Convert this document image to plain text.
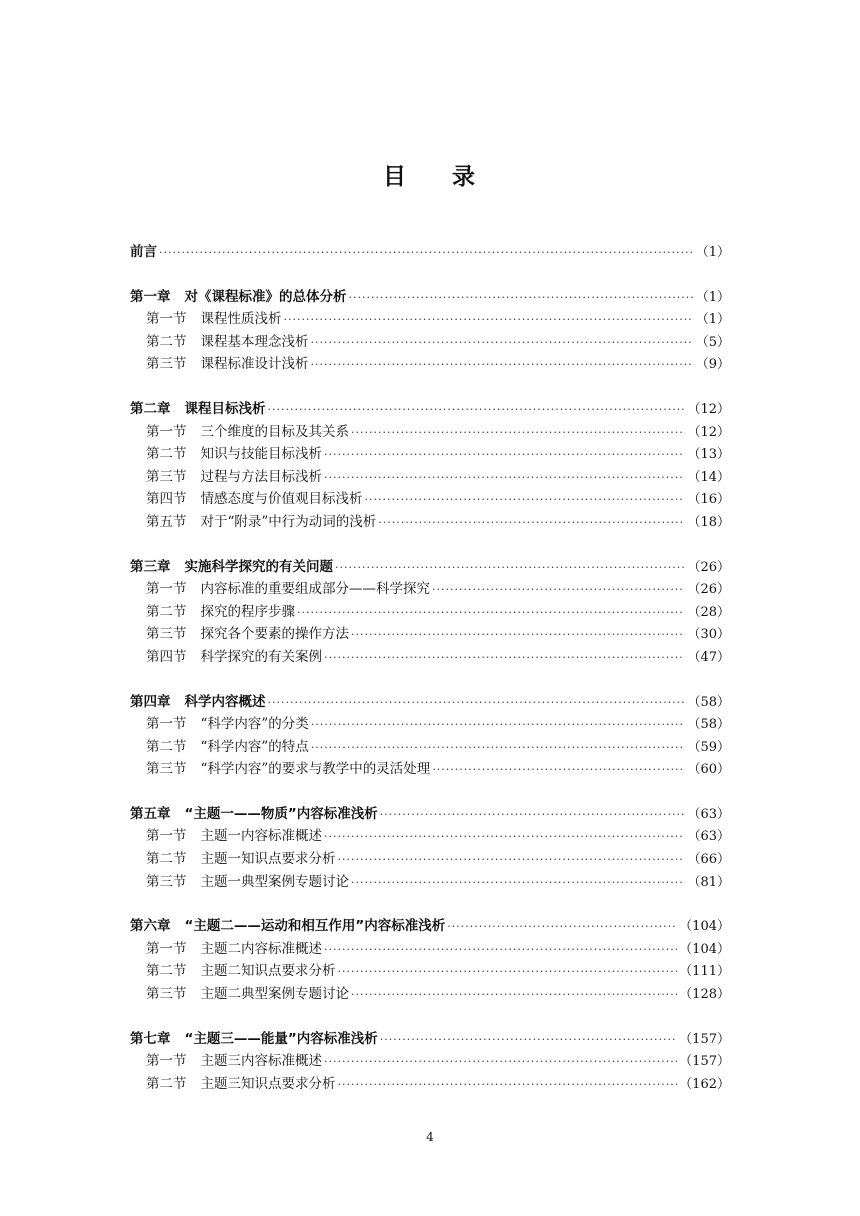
目 录
前言 ·····	（1）
第一章 对《课程标准》的总体分析 ·····	（1）
第一节 课程性质浅析 ·····	（1）
第二节 课程基本理念浅析 ·····	（5）
第三节 课程标准设计浅析 ·····	（9）
第二章 课程目标浅析 ·····	（12）
第一节 三个维度的目标及其关系 ·····	（12）
第二节 知识与技能目标浅析 ·····	（13）
第三节 过程与方法目标浅析 ·····	（14）
第四节 情感态度与价值观目标浅析 ·····	（16）
第五节 对于“附录”中行为动词的浅析 ·····	（18）
第三章 实施科学探究的有关问题 ·····	（26）
第一节 内容标准的重要组成部分——科学探究 ·····	（26）
第二节 探究的程序步骤 ·····	（28）
第三节 探究各个要素的操作方法 ·····	（30）
第四节 科学探究的有关案例 ·····	（47）
第四章 科学内容概述 ·····	（58）
第一节 “科学内容”的分类 ·····	（58）
第二节 “科学内容”的特点 ·····	（59）
第三节 “科学内容”的要求与教学中的灵活处理 ·····	（60）
第五章 “主题一——物质”内容标准浅析 ·····	（63）
第一节 主题一内容标准概述 ·····	（63）
第二节 主题一知识点要求分析 ·····	（66）
第三节 主题一典型案例专题讨论 ·····	（81）
第六章 “主题二——运动和相互作用”内容标准浅析 ·····	（104）
第一节 主题二内容标准概述 ·····	（104）
第二节 主题二知识点要求分析 ·····	（111）
第三节 主题二典型案例专题讨论 ·····	（128）
第七章 “主题三——能量”内容标准浅析 ·····	（157）
第一节 主题三内容标准概述 ·····	（157）
第二节 主题三知识点要求分析 ·····	（162）
4
